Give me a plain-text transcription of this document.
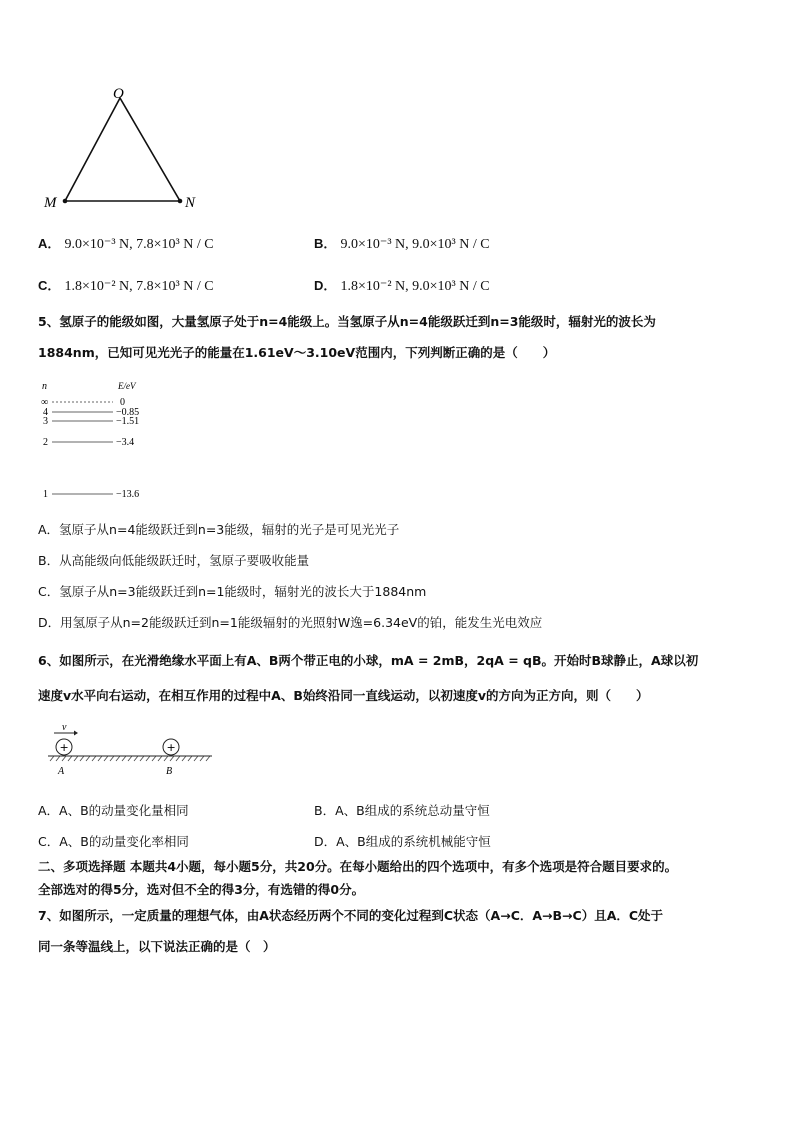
O
M	N
A． 9.0×10⁻³ N, 7.8×10³ N / C	B． 9.0×10⁻³ N, 9.0×10³ N / C
C． 1.8×10⁻² N, 7.8×10³ N / C	D． 1.8×10⁻² N, 9.0×10³ N / C
5、氢原子的能级如图，大量氢原子处于n=4能级上。当氢原子从n=4能级跃迁到n=3能级时，辐射光的波长为
1884nm，已知可见光光子的能量在1.61eV～3.10eV范围内，下列判断正确的是（　　）
n	E/eV
∞	0
4	−0.85
3	−1.51
2	−3.4
1	−13.6
A．氢原子从n=4能级跃迁到n=3能级，辐射的光子是可见光光子
B．从高能级向低能级跃迁时，氢原子要吸收能量
C．氢原子从n=3能级跃迁到n=1能级时，辐射光的波长大于1884nm
D．用氢原子从n=2能级跃迁到n=1能级辐射的光照射W逸=6.34eV的铂，能发生光电效应
6、如图所示，在光滑绝缘水平面上有A、B两个带正电的小球，mA = 2mB，2qA = qB。开始时B球静止，A球以初
速度v水平向右运动，在相互作用的过程中A、B始终沿同一直线运动，以初速度v的方向为正方向，则（　　）
v
+	+
A	B
A．A、B的动量变化量相同	B．A、B组成的系统总动量守恒
C．A、B的动量变化率相同	D．A、B组成的系统机械能守恒
二、多项选择题 本题共4小题，每小题5分，共20分。在每小题给出的四个选项中，有多个选项是符合题目要求的。
全部选对的得5分，选对但不全的得3分，有选错的得0分。
7、如图所示，一定质量的理想气体，由A状态经历两个不同的变化过程到C状态（A→C．A→B→C）且A．C处于
同一条等温线上，以下说法正确的是（　）
